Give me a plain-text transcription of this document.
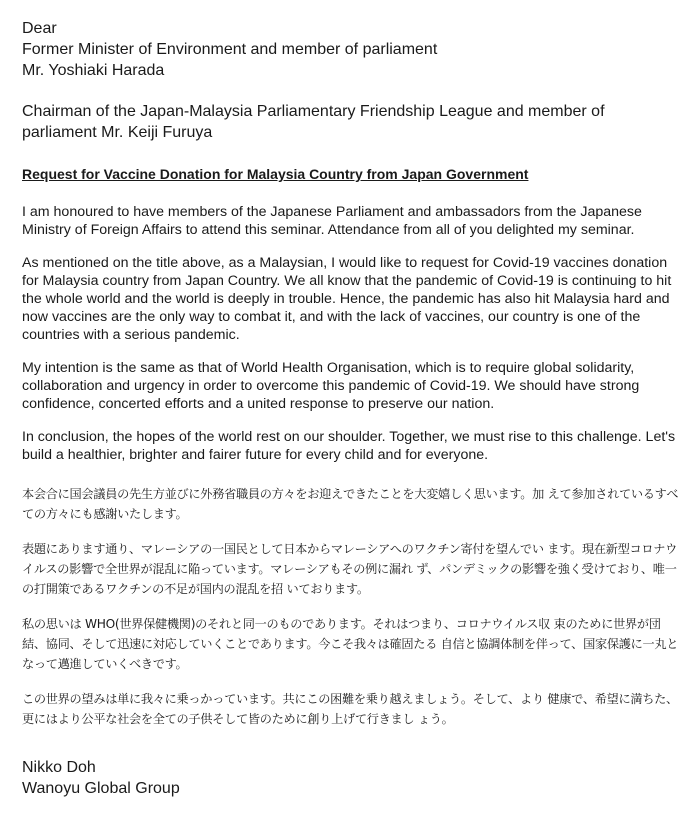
Dear

Former Minister of Environment and member of parliament

Mr. Yoshiaki Harada

Chairman of the Japan-Malaysia Parliamentary Friendship League and member of parliament Mr. Keiji Furuya

Request for Vaccine Donation for Malaysia Country from Japan Government

I am honoured to have members of the Japanese Parliament and ambassadors from the Japanese Ministry of Foreign Affairs to attend this seminar. Attendance from all of you delighted my seminar.

As mentioned on the title above, as a Malaysian, I would like to request for Covid-19 vaccines donation for Malaysia country from Japan Country. We all know that the pandemic of Covid-19 is continuing to hit the whole world and the world is deeply in trouble. Hence, the pandemic has also hit Malaysia hard and now vaccines are the only way to combat it, and with the lack of vaccines, our country is one of the countries with a serious pandemic.

My intention is the same as that of World Health Organisation, which is to require global solidarity, collaboration and urgency in order to overcome this pandemic of Covid-19. We should have strong confidence, concerted efforts and a united response to preserve our nation.

In conclusion, the hopes of the world rest on our shoulder. Together, we must rise to this challenge. Let's build a healthier, brighter and fairer future for every child and for everyone.

本会合に国会議員の先生方並びに外務省職員の方々をお迎えできたことを大変嬉しく思います。加 えて参加されているすべての方々にも感謝いたします。

表題にあります通り、マレーシアの一国民として日本からマレーシアへのワクチン寄付を望んでい ます。現在新型コロナウイルスの影響で全世界が混乱に陥っています。マレーシアもその例に漏れ ず、パンデミックの影響を強く受けており、唯一の打開策であるワクチンの不足が国内の混乱を招 いております。

私の思いは WHO(世界保健機関)のそれと同一のものであります。それはつまり、コロナウイルス収 束のために世界が団結、協同、そして迅速に対応していくことであります。今こそ我々は確固たる 自信と協調体制を伴って、国家保護に一丸となって邁進していくべきです。

この世界の望みは単に我々に乗っかっています。共にこの困難を乗り越えましょう。そして、より 健康で、希望に満ちた、更にはより公平な社会を全ての子供そして皆のために創り上げて行きまし ょう。

Nikko Doh

Wanoyu Global Group
